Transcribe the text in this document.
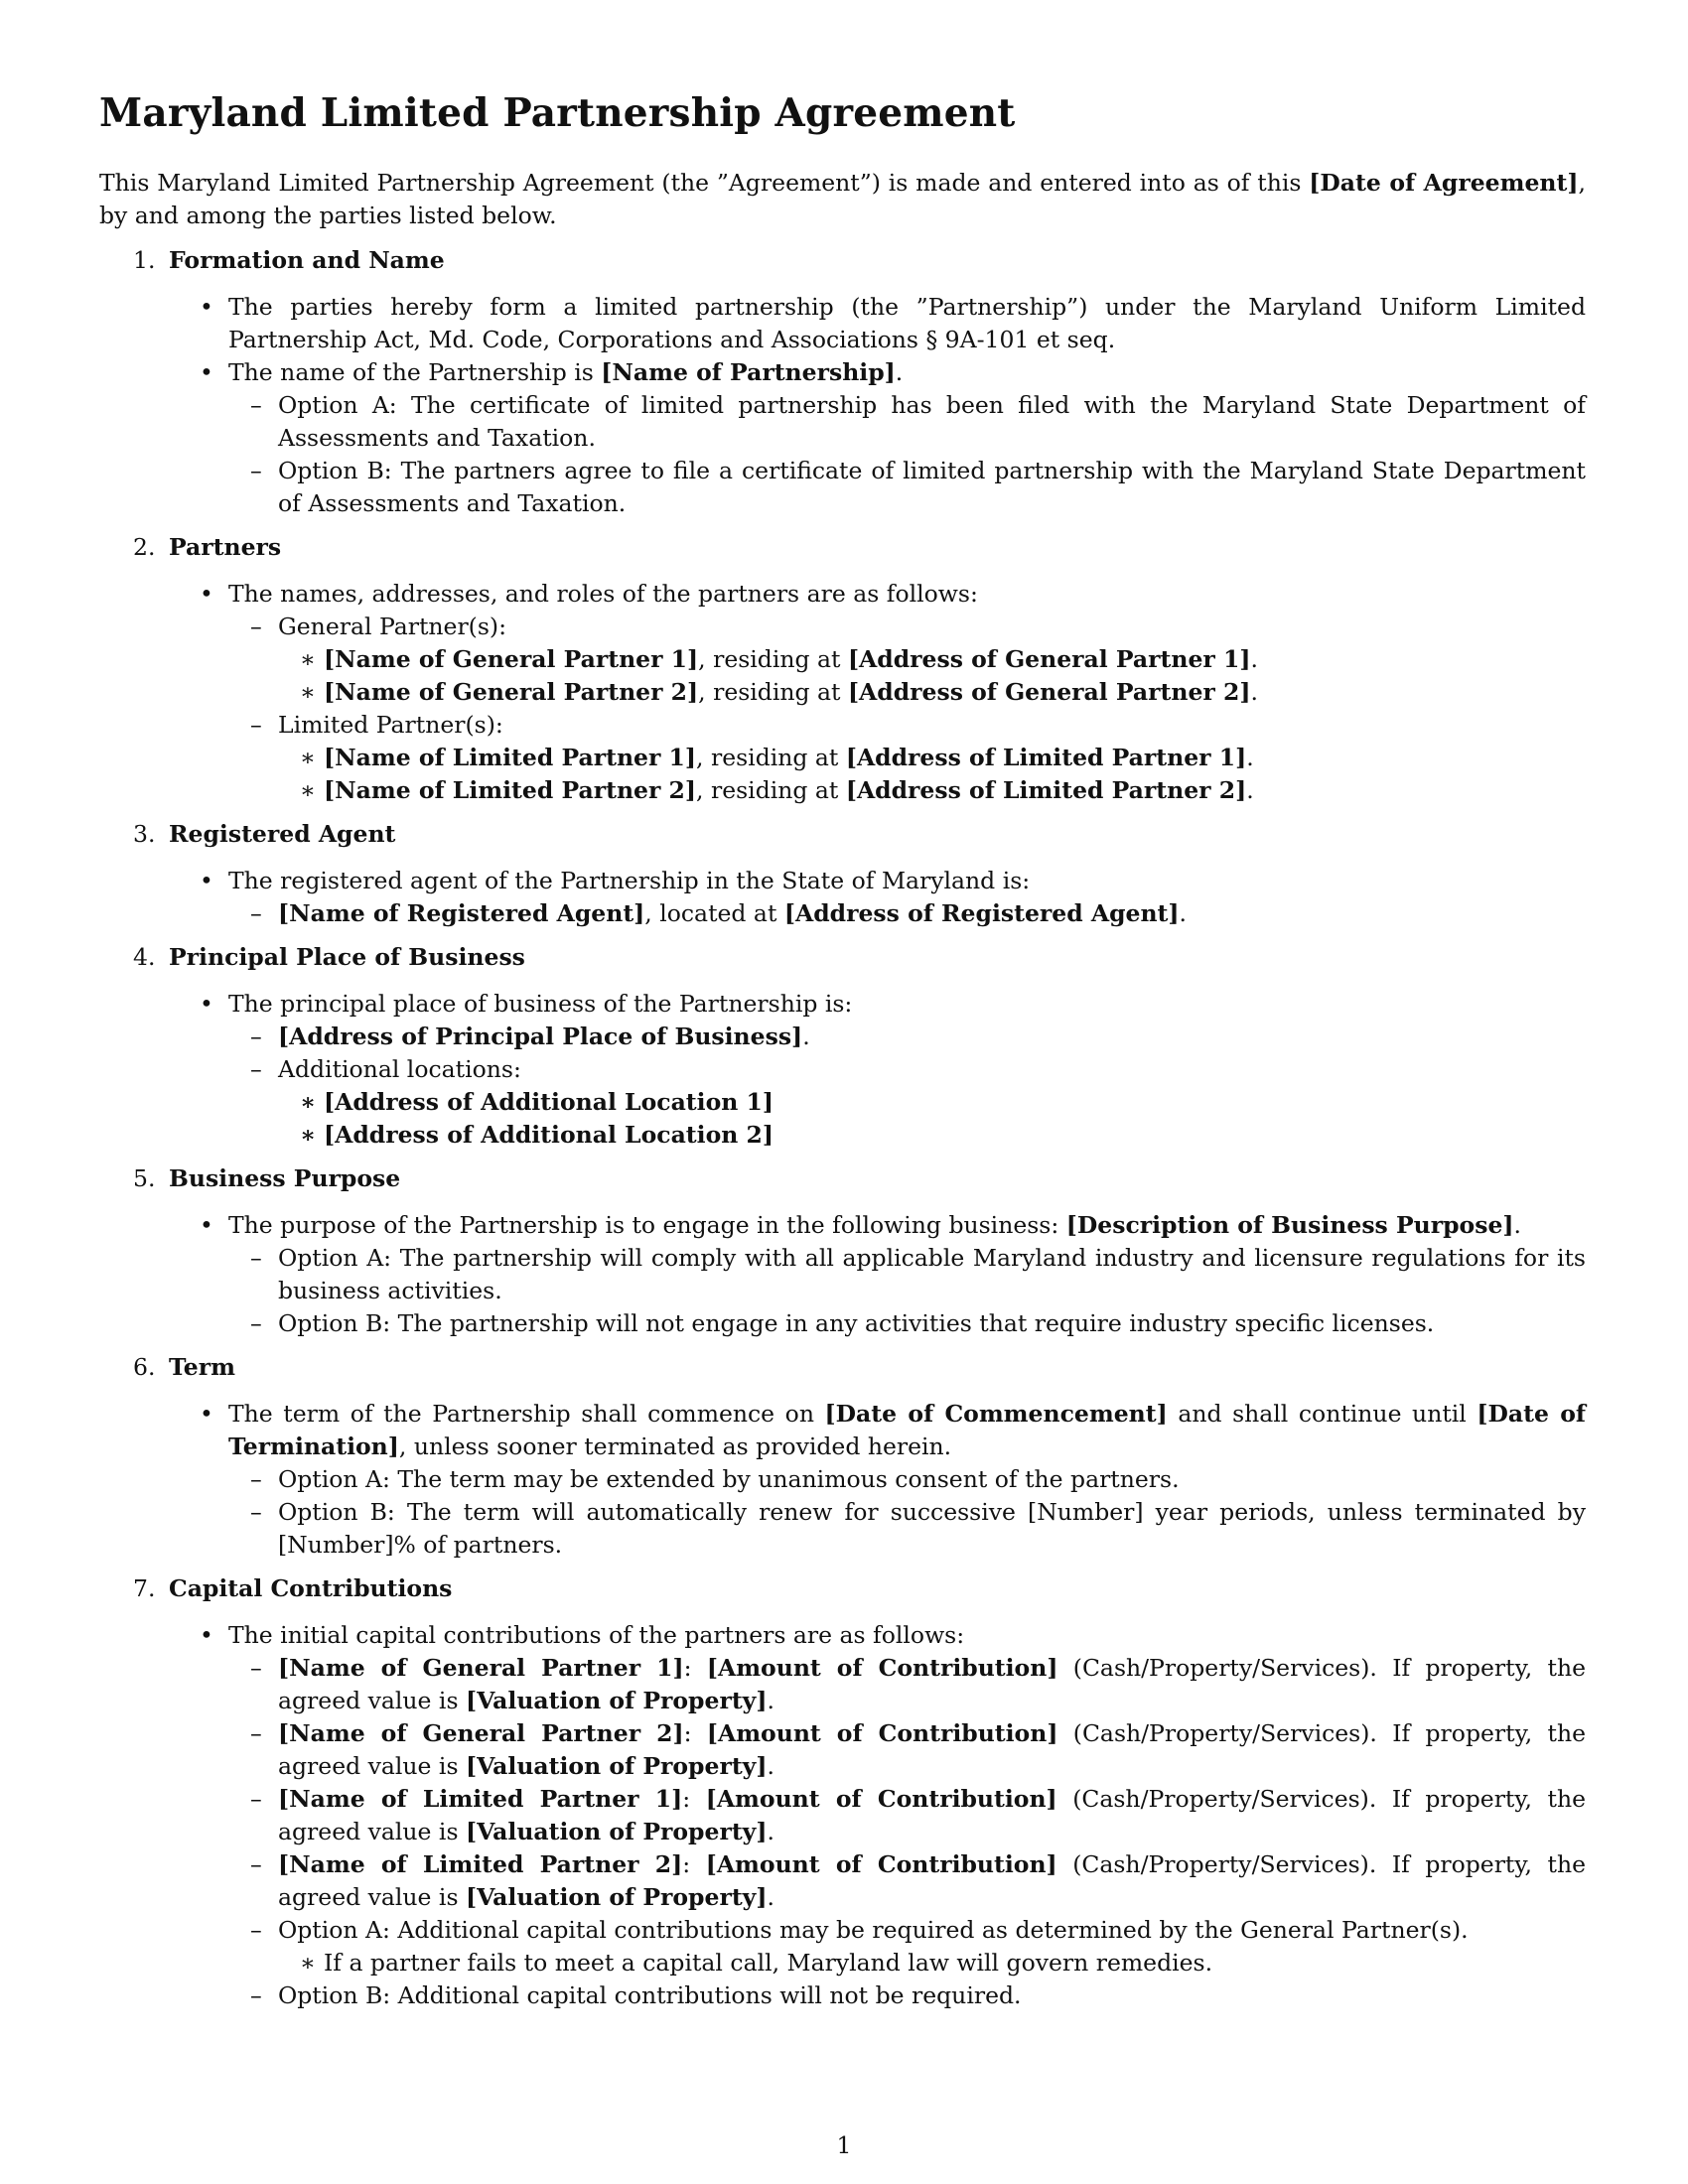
Maryland Limited Partnership Agreement

This Maryland Limited Partnership Agreement (the ”Agreement”) is made and entered into as of this [Date of Agreement], by and among the parties listed below.

1. Formation and Name
• The parties hereby form a limited partnership (the ”Partnership”) under the Maryland Uniform Limited Partnership Act, Md. Code, Corporations and Associations § 9A-101 et seq.
• The name of the Partnership is [Name of Partnership].
– Option A: The certificate of limited partnership has been filed with the Maryland State Department of Assessments and Taxation.
– Option B: The partners agree to file a certificate of limited partnership with the Maryland State Department of Assessments and Taxation.
2. Partners
• The names, addresses, and roles of the partners are as follows:
– General Partner(s):
∗ [Name of General Partner 1], residing at [Address of General Partner 1].
∗ [Name of General Partner 2], residing at [Address of General Partner 2].
– Limited Partner(s):
∗ [Name of Limited Partner 1], residing at [Address of Limited Partner 1].
∗ [Name of Limited Partner 2], residing at [Address of Limited Partner 2].
3. Registered Agent
• The registered agent of the Partnership in the State of Maryland is:
– [Name of Registered Agent], located at [Address of Registered Agent].
4. Principal Place of Business
• The principal place of business of the Partnership is:
– [Address of Principal Place of Business].
– Additional locations:
∗ [Address of Additional Location 1]
∗ [Address of Additional Location 2]
5. Business Purpose
• The purpose of the Partnership is to engage in the following business: [Description of Business Purpose].
– Option A: The partnership will comply with all applicable Maryland industry and licensure regulations for its business activities.
– Option B: The partnership will not engage in any activities that require industry specific licenses.
6. Term
• The term of the Partnership shall commence on [Date of Commencement] and shall continue until [Date of Termination], unless sooner terminated as provided herein.
– Option A: The term may be extended by unanimous consent of the partners.
– Option B: The term will automatically renew for successive [Number] year periods, unless terminated by [Number]% of partners.
7. Capital Contributions
• The initial capital contributions of the partners are as follows:
– [Name of General Partner 1]: [Amount of Contribution] (Cash/Property/Services). If property, the agreed value is [Valuation of Property].
– [Name of General Partner 2]: [Amount of Contribution] (Cash/Property/Services). If property, the agreed value is [Valuation of Property].
– [Name of Limited Partner 1]: [Amount of Contribution] (Cash/Property/Services). If property, the agreed value is [Valuation of Property].
– [Name of Limited Partner 2]: [Amount of Contribution] (Cash/Property/Services). If property, the agreed value is [Valuation of Property].
– Option A: Additional capital contributions may be required as determined by the General Partner(s).
∗ If a partner fails to meet a capital call, Maryland law will govern remedies.
– Option B: Additional capital contributions will not be required.
1
